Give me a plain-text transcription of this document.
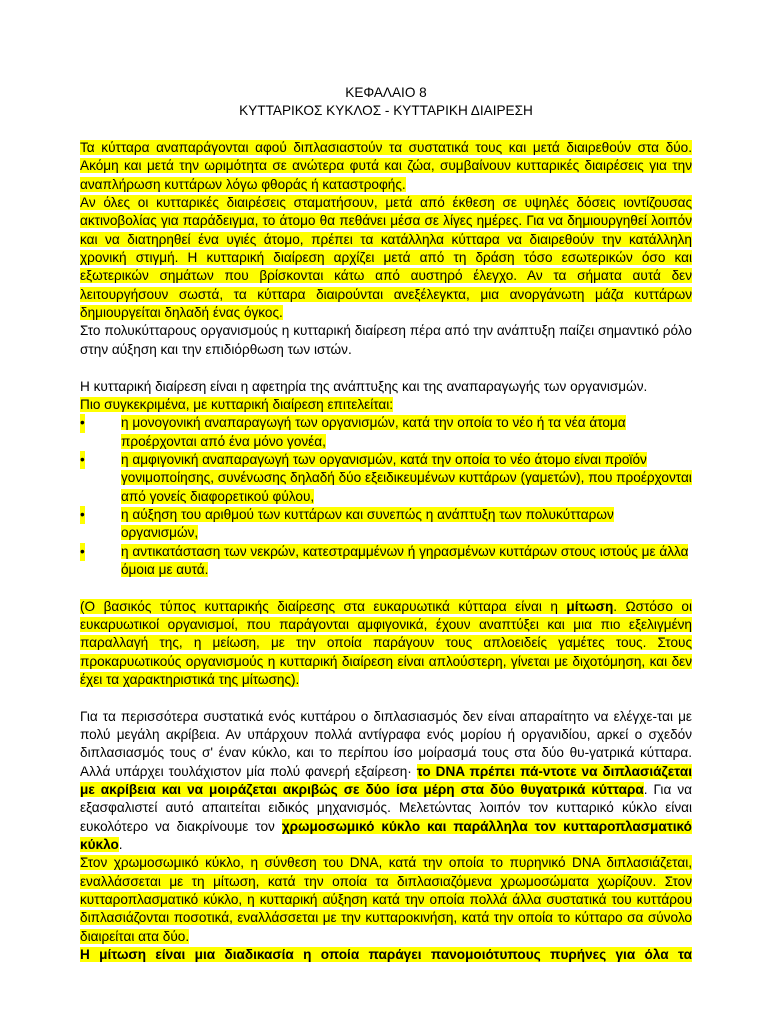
ΚΕΦΑΛΑΙΟ 8

ΚΥΤΤΑΡΙΚΟΣ ΚΥΚΛΟΣ - ΚΥΤΤΑΡΙΚΗ ΔΙΑΙΡΕΣΗ

Τα κύτταρα αναπαράγονται αφού διπλασιαστούν τα συστατικά τους και μετά διαιρεθούν στα δύο. Ακόμη και μετά την ωριμότητα σε ανώτερα φυτά και ζώα, συμβαίνουν κυτταρικές διαιρέσεις για την αναπλήρωση κυττάρων λόγω φθοράς ή καταστροφής.

Αν όλες οι κυτταρικές διαιρέσεις σταματήσουν, μετά από έκθεση σε υψηλές δόσεις ιοντίζουσας ακτινοβολίας για παράδειγμα, το άτομο θα πεθάνει μέσα σε λίγες ημέρες. Για να δημιουργηθεί λοιπόν και να διατηρηθεί ένα υγιές άτομο, πρέπει τα κατάλληλα κύτταρα να διαιρεθούν την κατάλληλη χρονική στιγμή. Η κυτταρική διαίρεση αρχίζει μετά από τη δράση τόσο εσωτερικών όσο και εξωτερικών σημάτων που βρίσκονται κάτω από αυστηρό έλεγχο. Αν τα σήματα αυτά δεν λειτουργήσουν σωστά, τα κύτταρα διαιρούνται ανεξέλεγκτα, μια ανοργάνωτη μάζα κυττάρων δημιουργείται δηλαδή ένας όγκος.

Στο πολυκύτταρους οργανισμούς η κυτταρική διαίρεση πέρα από την ανάπτυξη παίζει σημαντικό ρόλο στην αύξηση και την επιδιόρθωση των ιστών.

Η κυτταρική διαίρεση είναι η αφετηρία της ανάπτυξης και της αναπαραγωγής των οργανισμών.

Πιο συγκεκριμένα, με κυτταρική διαίρεση επιτελείται:

•	η μονογονική αναπαραγωγή των οργανισμών, κατά την οποία το νέο ή τα νέα άτομα προέρχονται από ένα μόνο γονέα,

•	η αμφιγονική αναπαραγωγή των οργανισμών, κατά την οποία το νέο άτομο είναι προϊόν γονιμοποίησης, συνένωσης δηλαδή δύο εξειδικευμένων κυττάρων (γαμετών), που προέρχονται από γονείς διαφορετικού φύλου,

•	η αύξηση του αριθμού των κυττάρων και συνεπώς η ανάπτυξη των πολυκύτταρων οργανισμών,

•	η αντικατάσταση των νεκρών, κατεστραμμένων ή γηρασμένων κυττάρων στους ιστούς με άλλα όμοια με αυτά.

(Ο βασικός τύπος κυτταρικής διαίρεσης στα ευκαρυωτικά κύτταρα είναι η μίτωση. Ωστόσο οι ευκαρυωτικοί οργανισμοί, που παράγονται αμφιγονικά, έχουν αναπτύξει και μια πιο εξελιγμένη παραλλαγή της, η μείωση, με την οποία παράγουν τους απλοειδείς γαμέτες τους. Στους προκαρυωτικούς οργανισμούς η κυτταρική διαίρεση είναι απλούστερη, γίνεται με διχοτόμηση, και δεν έχει τα χαρακτηριστικά της μίτωσης).

Για τα περισσότερα συστατικά ενός κυττάρου ο διπλασιασμός δεν είναι απαραίτητο να ελέγχε-ται με πολύ μεγάλη ακρίβεια. Αν υπάρχουν πολλά αντίγραφα ενός μορίου ή οργανιδίου, αρκεί ο σχεδόν διπλασιασμός τους σ' έναν κύκλο, και το περίπου ίσο μοίρασμά τους στα δύο θυ-γατρικά κύτταρα. Αλλά υπάρχει τουλάχιστον μία πολύ φανερή εξαίρεση· το DNA πρέπει πά-ντοτε να διπλασιάζεται με ακρίβεια και να μοιράζεται ακριβώς σε δύο ίσα μέρη στα δύο θυγατρικά κύτταρα. Για να εξασφαλιστεί αυτό απαιτείται ειδικός μηχανισμός. Μελετώντας λοιπόν τον κυτταρικό κύκλο είναι ευκολότερο να διακρίνουμε τον χρωμοσωμικό κύκλο και παράλληλα τον κυτταροπλασματικό κύκλο.

Στον χρωμοσωμικό κύκλο, η σύνθεση του DNA, κατά την οποία το πυρηνικό DNA διπλασιάζεται, εναλλάσσεται με τη μίτωση, κατά την οποία τα διπλασιαζόμενα χρωμοσώματα χωρίζουν. Στον κυτταροπλασματικό κύκλο, η κυτταρική αύξηση κατά την οποία πολλά άλλα συστατικά του κυττάρου διπλασιάζονται ποσοτικά, εναλλάσσεται με την κυτταροκινήση, κατά την οποία το κύτταρο σα σύνολο διαιρείται ατα δύο.

Η μίτωση είναι μια διαδικασία η οποία παράγει πανομοιότυπους πυρήνες για όλα τα
